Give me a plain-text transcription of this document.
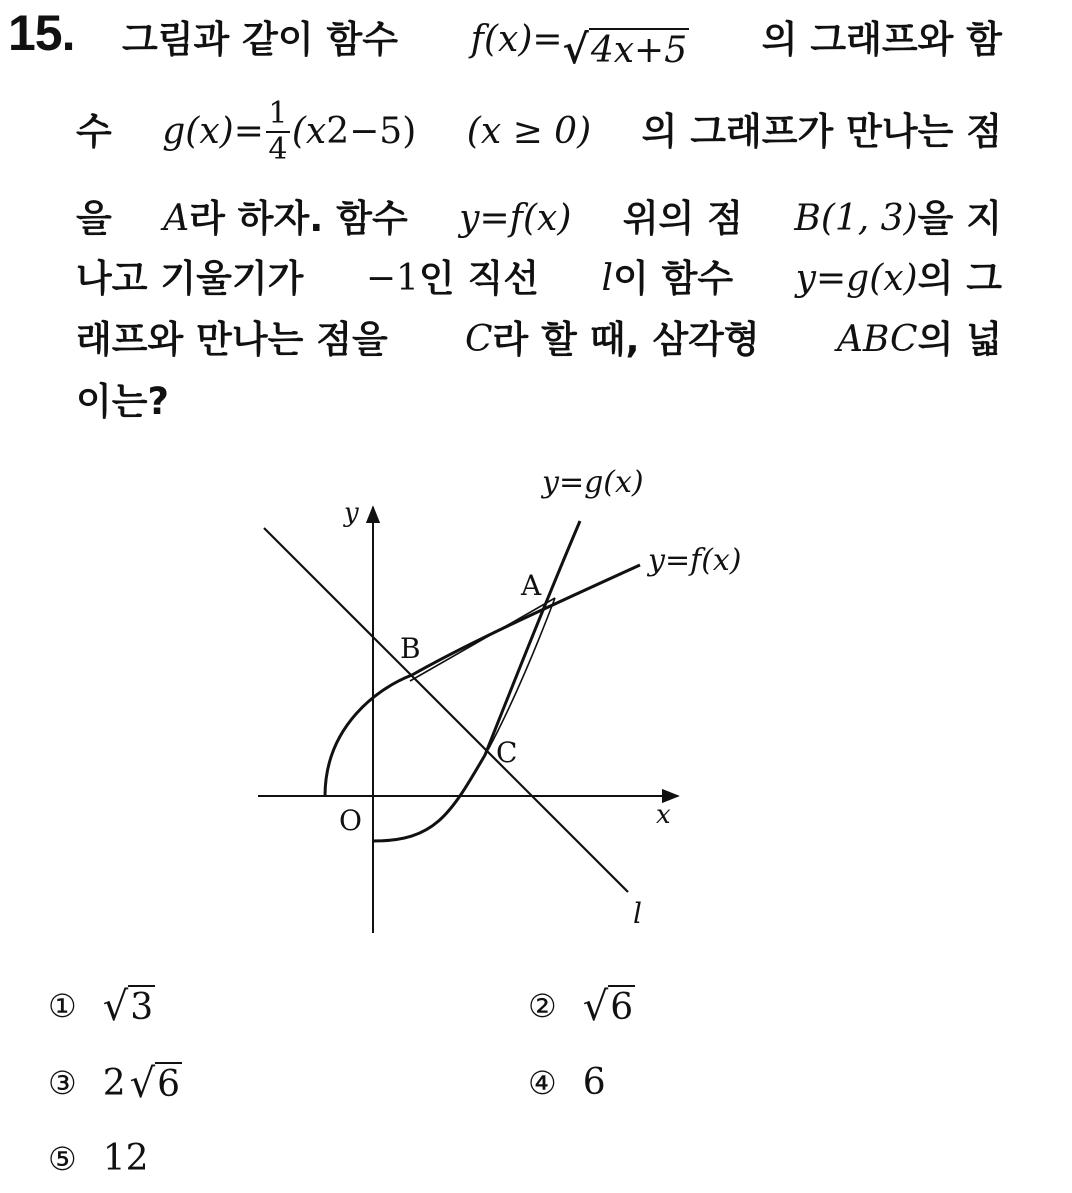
15. 그림과 같이 함수 f(x)= √ 4x+5 의 그래프와 함
수 $g(x)= \frac{1}{4} (x$ 2 −5) (x ≥ 0) 의 그래프가 만나는 점
을 A 라 하자. 함수 y=f(x) 위의 점 B(1, 3) 을 지
나고 기울기가 −1 인 직선 l 이 함수 y=g(x) 의 그
래프와 만나는 점을 C 라 할 때, 삼각형 ABC 의 넓
이는?
y=g(x)
y=f(x)
y
x
O
A
B
C
l
① √ 3	② √ 6
③ 2 √ 6	④ 6
⑤ 12
